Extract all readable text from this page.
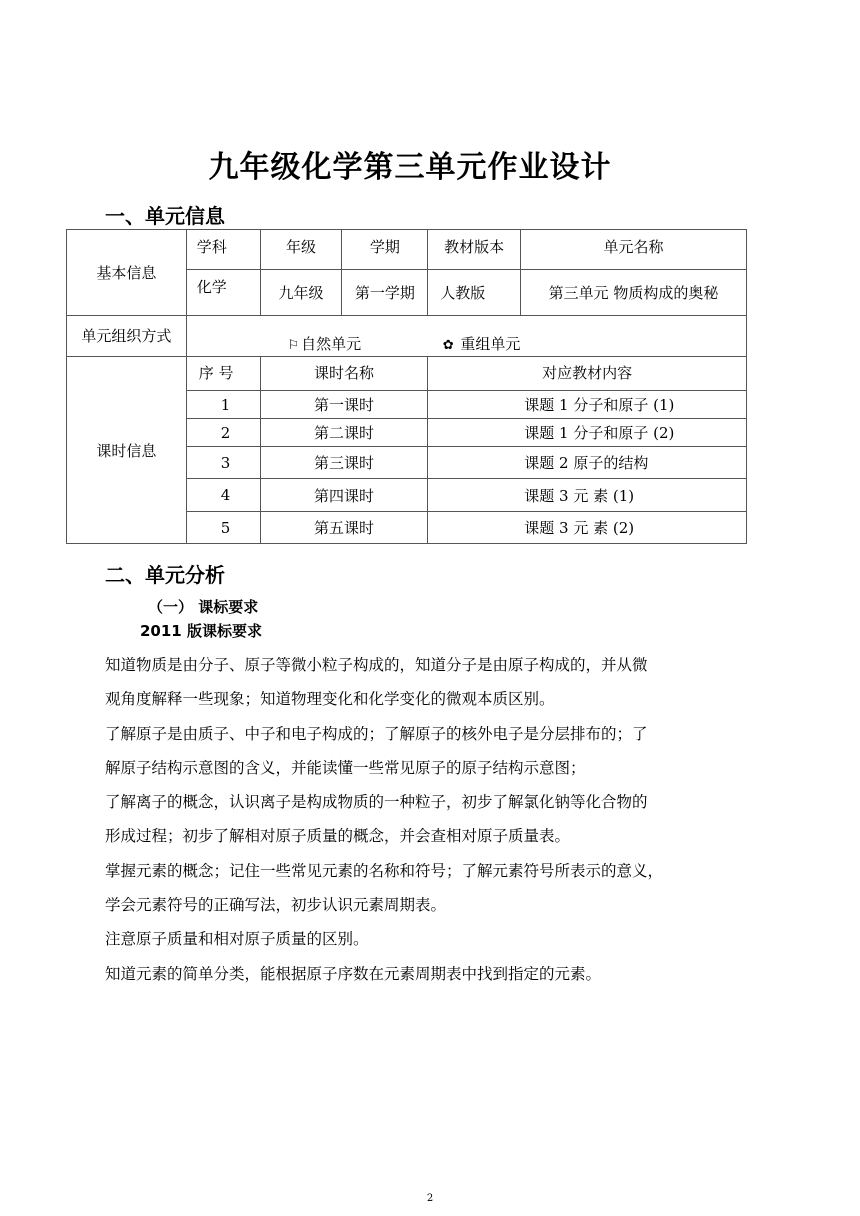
九年级化学第三单元作业设计
一、单元信息
基本信息	学科	年级	学期	教材版本	单元名称
	化学	九年级	第一学期	人教版	第三单元 物质构成的奥秘
单元组织方式	⚐ 自然单元 ✿ 重组单元				
课时信息	序 号	课时名称		对应教材内容	
	1	第一课时		课题 1 分子和原子 (1)	
	2	第二课时		课题 1 分子和原子 (2)	
	3	第三课时		课题 2 原子的结构	
	4	第四课时		课题 3 元 素 (1)	
	5	第五课时		课题 3 元 素 (2)	
二、单元分析
（一） 课标要求
2011 版课标要求
知道物质是由分子、原子等微小粒子构成的，知道分子是由原子构成的，并从微
观角度解释一些现象；知道物理变化和化学变化的微观本质区别。
了解原子是由质子、中子和电子构成的；了解原子的核外电子是分层排布的；了
解原子结构示意图的含义，并能读懂一些常见原子的原子结构示意图；
了解离子的概念，认识离子是构成物质的一种粒子，初步了解氯化钠等化合物的
形成过程；初步了解相对原子质量的概念，并会查相对原子质量表。
掌握元素的概念；记住一些常见元素的名称和符号；了解元素符号所表示的意义，
学会元素符号的正确写法，初步认识元素周期表。
注意原子质量和相对原子质量的区别。
知道元素的简单分类，能根据原子序数在元素周期表中找到指定的元素。
2
